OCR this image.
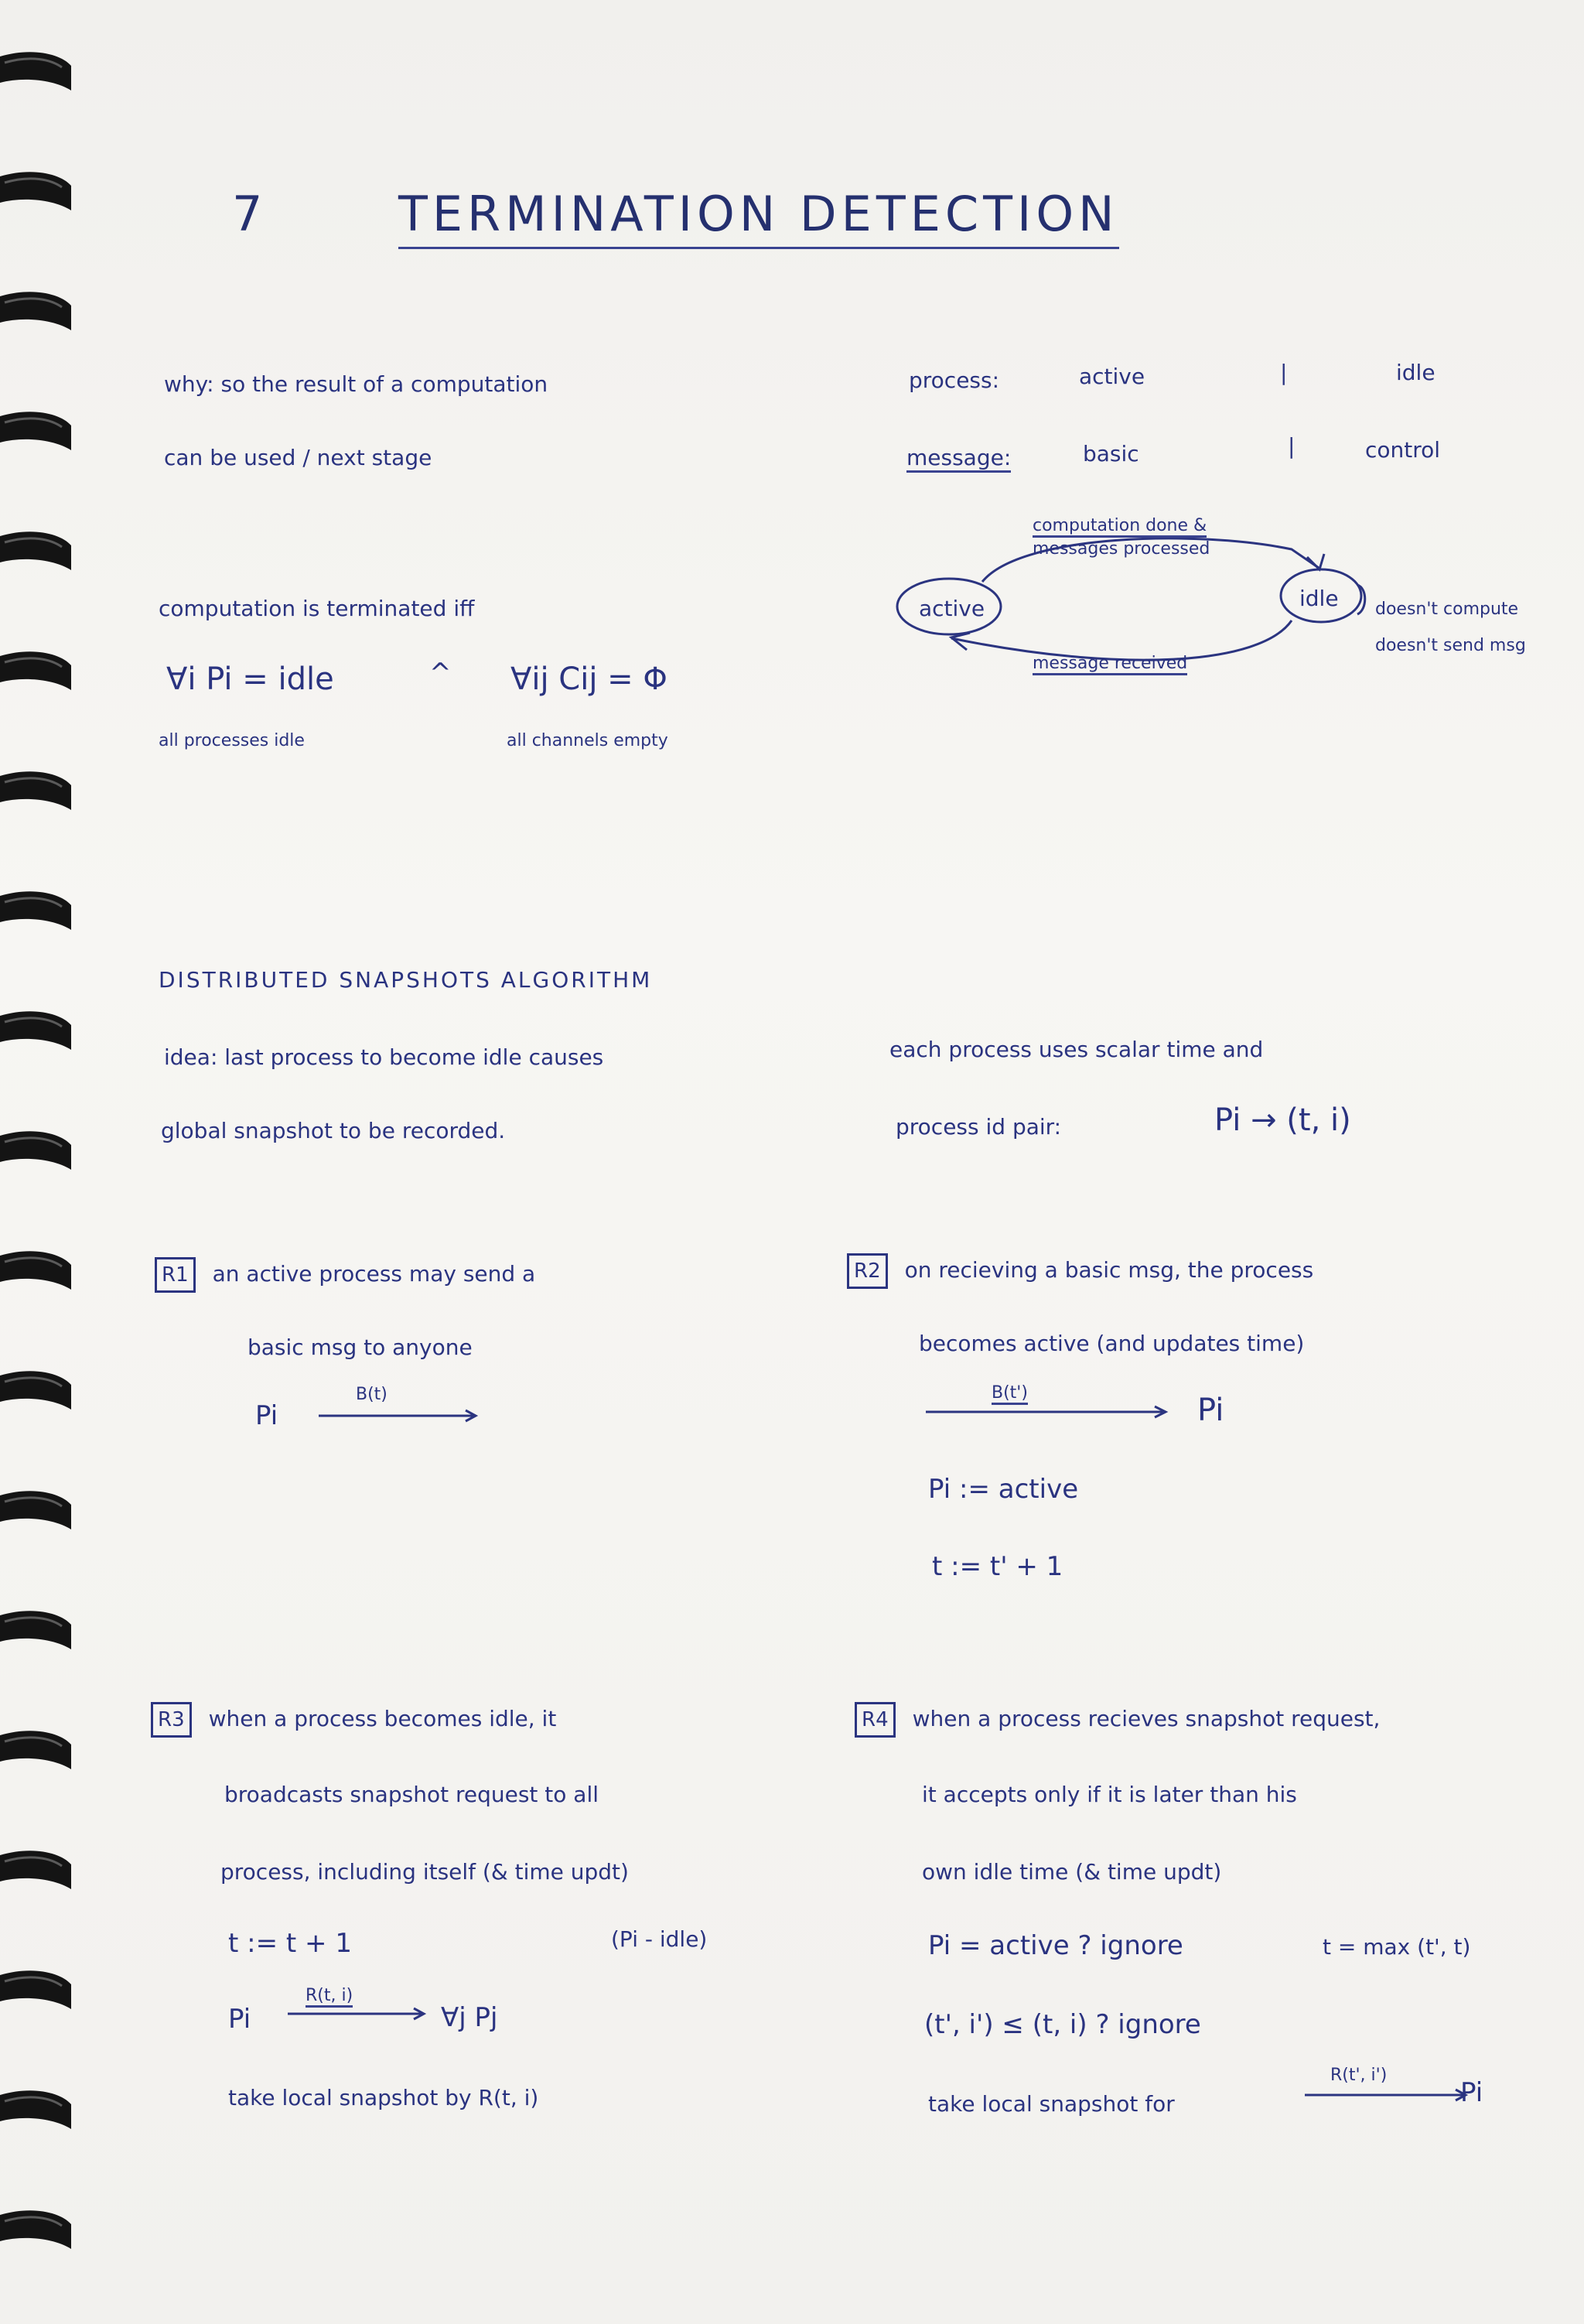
7	TERMINATION DETECTION
why: so the result of a computation
can be used / next stage
process:	active	|	idle
message:	basic	|	control
active	idle
computation done &
messages processed
message received
doesn't compute
doesn't send msg
computation is terminated iff
∀i Pi = idle	^ ∀ij Cij = Φ
all processes idle	all channels empty
DISTRIBUTED SNAPSHOTS ALGORITHM
idea: last process to become idle causes
global snapshot to be recorded.
each process uses scalar time and
process id pair:	Pi → (t, i)
R1 an active process may send a
basic msg to anyone
Pi
B(t)
R2 on recieving a basic msg, the process
becomes active (and updates time)
B(t')	Pi
Pi := active
t := t' + 1
R3 when a process becomes idle, it
broadcasts snapshot request to all
process, including itself (& time updt)
t := t + 1	(Pi - idle)
Pi
R(t, i)
∀j Pj
take local snapshot by R(t, i)
R4 when a process recieves snapshot request,
it accepts only if it is later than his
own idle time (& time updt)
Pi = active ? ignore	t = max (t', t)
(t', i') ≤ (t, i) ? ignore
take local snapshot for
R(t', i')
Pi
